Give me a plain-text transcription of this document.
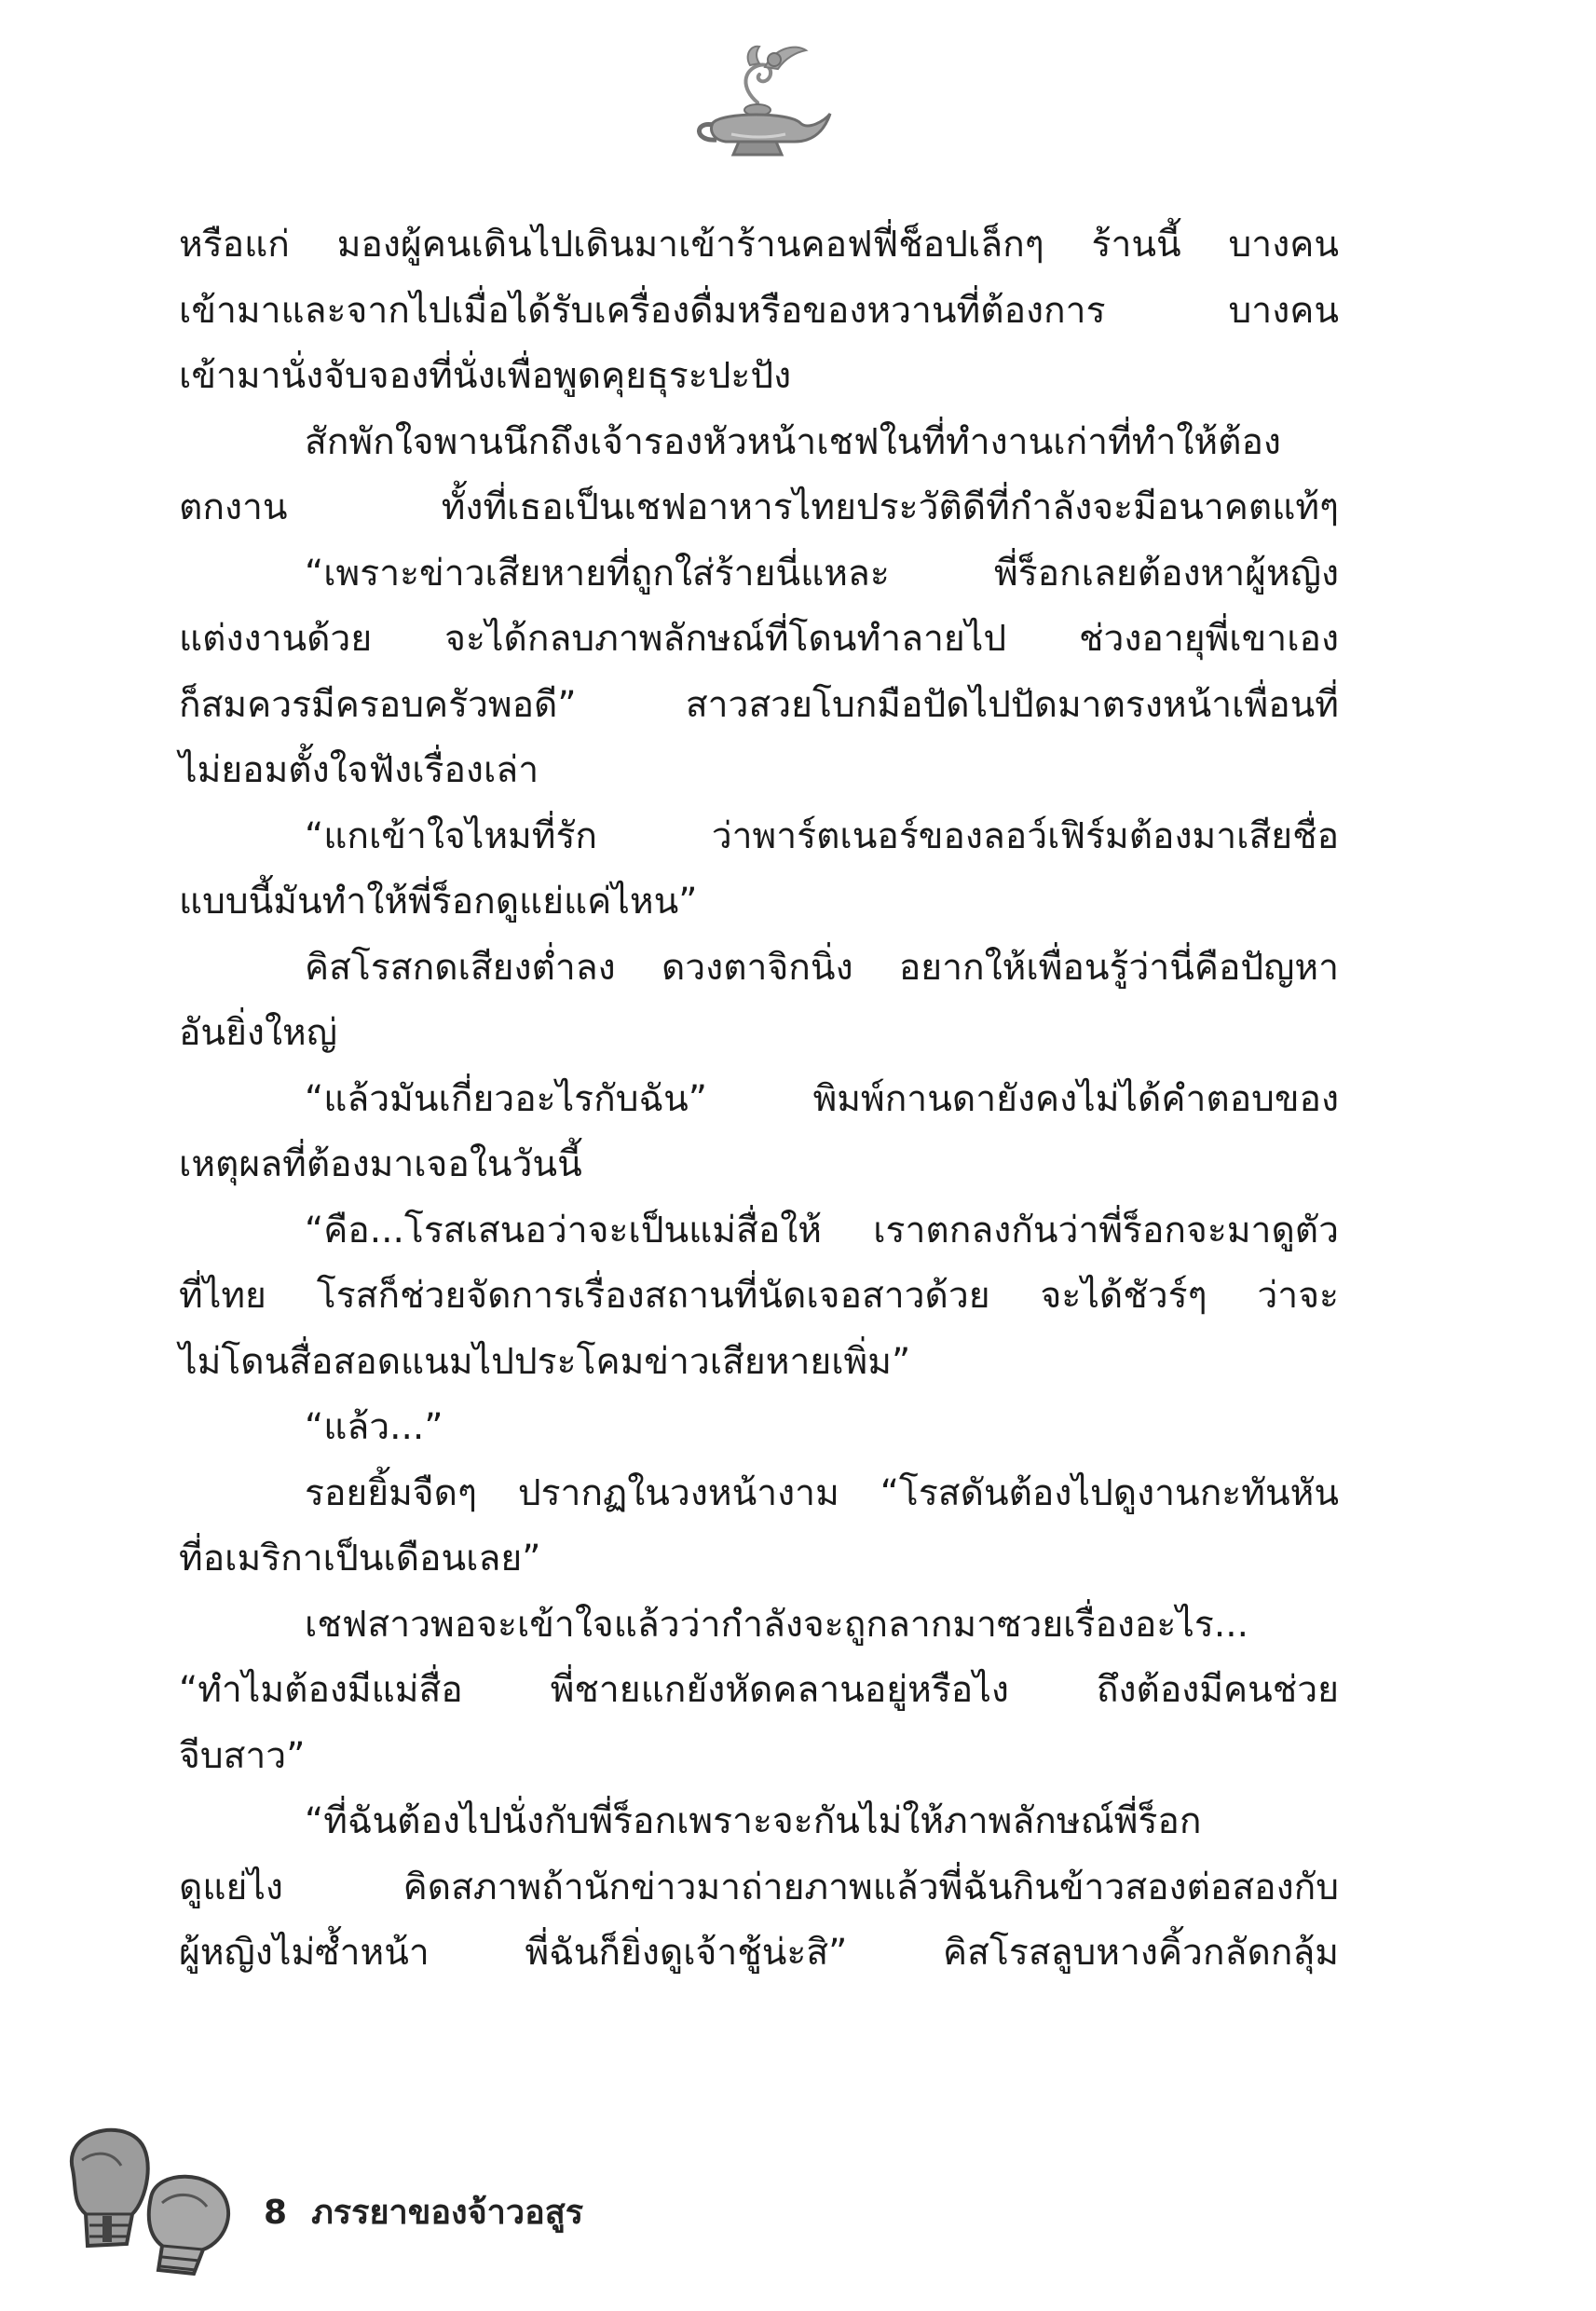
หรือแก่ มองผู้คนเดินไปเดินมาเข้าร้านคอฟฟี่ช็อปเล็กๆ ร้านนี้ บางคน
เข้ามาและจากไปเมื่อได้รับเครื่องดื่มหรือของหวานที่ต้องการ บางคน
เข้ามานั่งจับจองที่นั่งเพื่อพูดคุยธุระปะปัง
สักพักใจพานนึกถึงเจ้ารองหัวหน้าเชฟในที่ทำงานเก่าที่ทำให้ต้อง
ตกงาน ทั้งที่เธอเป็นเชฟอาหารไทยประวัติดีที่กำลังจะมีอนาคตแท้ๆ
“เพราะข่าวเสียหายที่ถูกใส่ร้ายนี่แหละ พี่ร็อกเลยต้องหาผู้หญิง
แต่งงานด้วย จะได้กลบภาพลักษณ์ที่โดนทำลายไป ช่วงอายุพี่เขาเอง
ก็สมควรมีครอบครัวพอดี” สาวสวยโบกมือปัดไปปัดมาตรงหน้าเพื่อนที่
ไม่ยอมตั้งใจฟังเรื่องเล่า
“แกเข้าใจไหมที่รัก ว่าพาร์ตเนอร์ของลอว์เฟิร์มต้องมาเสียชื่อ
แบบนี้มันทำให้พี่ร็อกดูแย่แค่ไหน”
คิสโรสกดเสียงต่ำลง ดวงตาจิกนิ่ง อยากให้เพื่อนรู้ว่านี่คือปัญหา
อันยิ่งใหญ่
“แล้วมันเกี่ยวอะไรกับฉัน” พิมพ์กานดายังคงไม่ได้คำตอบของ
เหตุผลที่ต้องมาเจอในวันนี้
“คือ...โรสเสนอว่าจะเป็นแม่สื่อให้ เราตกลงกันว่าพี่ร็อกจะมาดูตัว
ที่ไทย โรสก็ช่วยจัดการเรื่องสถานที่นัดเจอสาวด้วย จะได้ชัวร์ๆ ว่าจะ
ไม่โดนสื่อสอดแนมไปประโคมข่าวเสียหายเพิ่ม”
“แล้ว...”
รอยยิ้มจืดๆ ปรากฏในวงหน้างาม “โรสดันต้องไปดูงานกะทันหัน
ที่อเมริกาเป็นเดือนเลย”
เชฟสาวพอจะเข้าใจแล้วว่ากำลังจะถูกลากมาซวยเรื่องอะไร...
“ทำไมต้องมีแม่สื่อ พี่ชายแกยังหัดคลานอยู่หรือไง ถึงต้องมีคนช่วย
จีบสาว”
“ที่ฉันต้องไปนั่งกับพี่ร็อกเพราะจะกันไม่ให้ภาพลักษณ์พี่ร็อก
ดูแย่ไง คิดสภาพถ้านักข่าวมาถ่ายภาพแล้วพี่ฉันกินข้าวสองต่อสองกับ
ผู้หญิงไม่ซ้ำหน้า พี่ฉันก็ยิ่งดูเจ้าชู้น่ะสิ” คิสโรสลูบหางคิ้วกลัดกลุ้ม
8 ภรรยาของจ้าวอสูร
